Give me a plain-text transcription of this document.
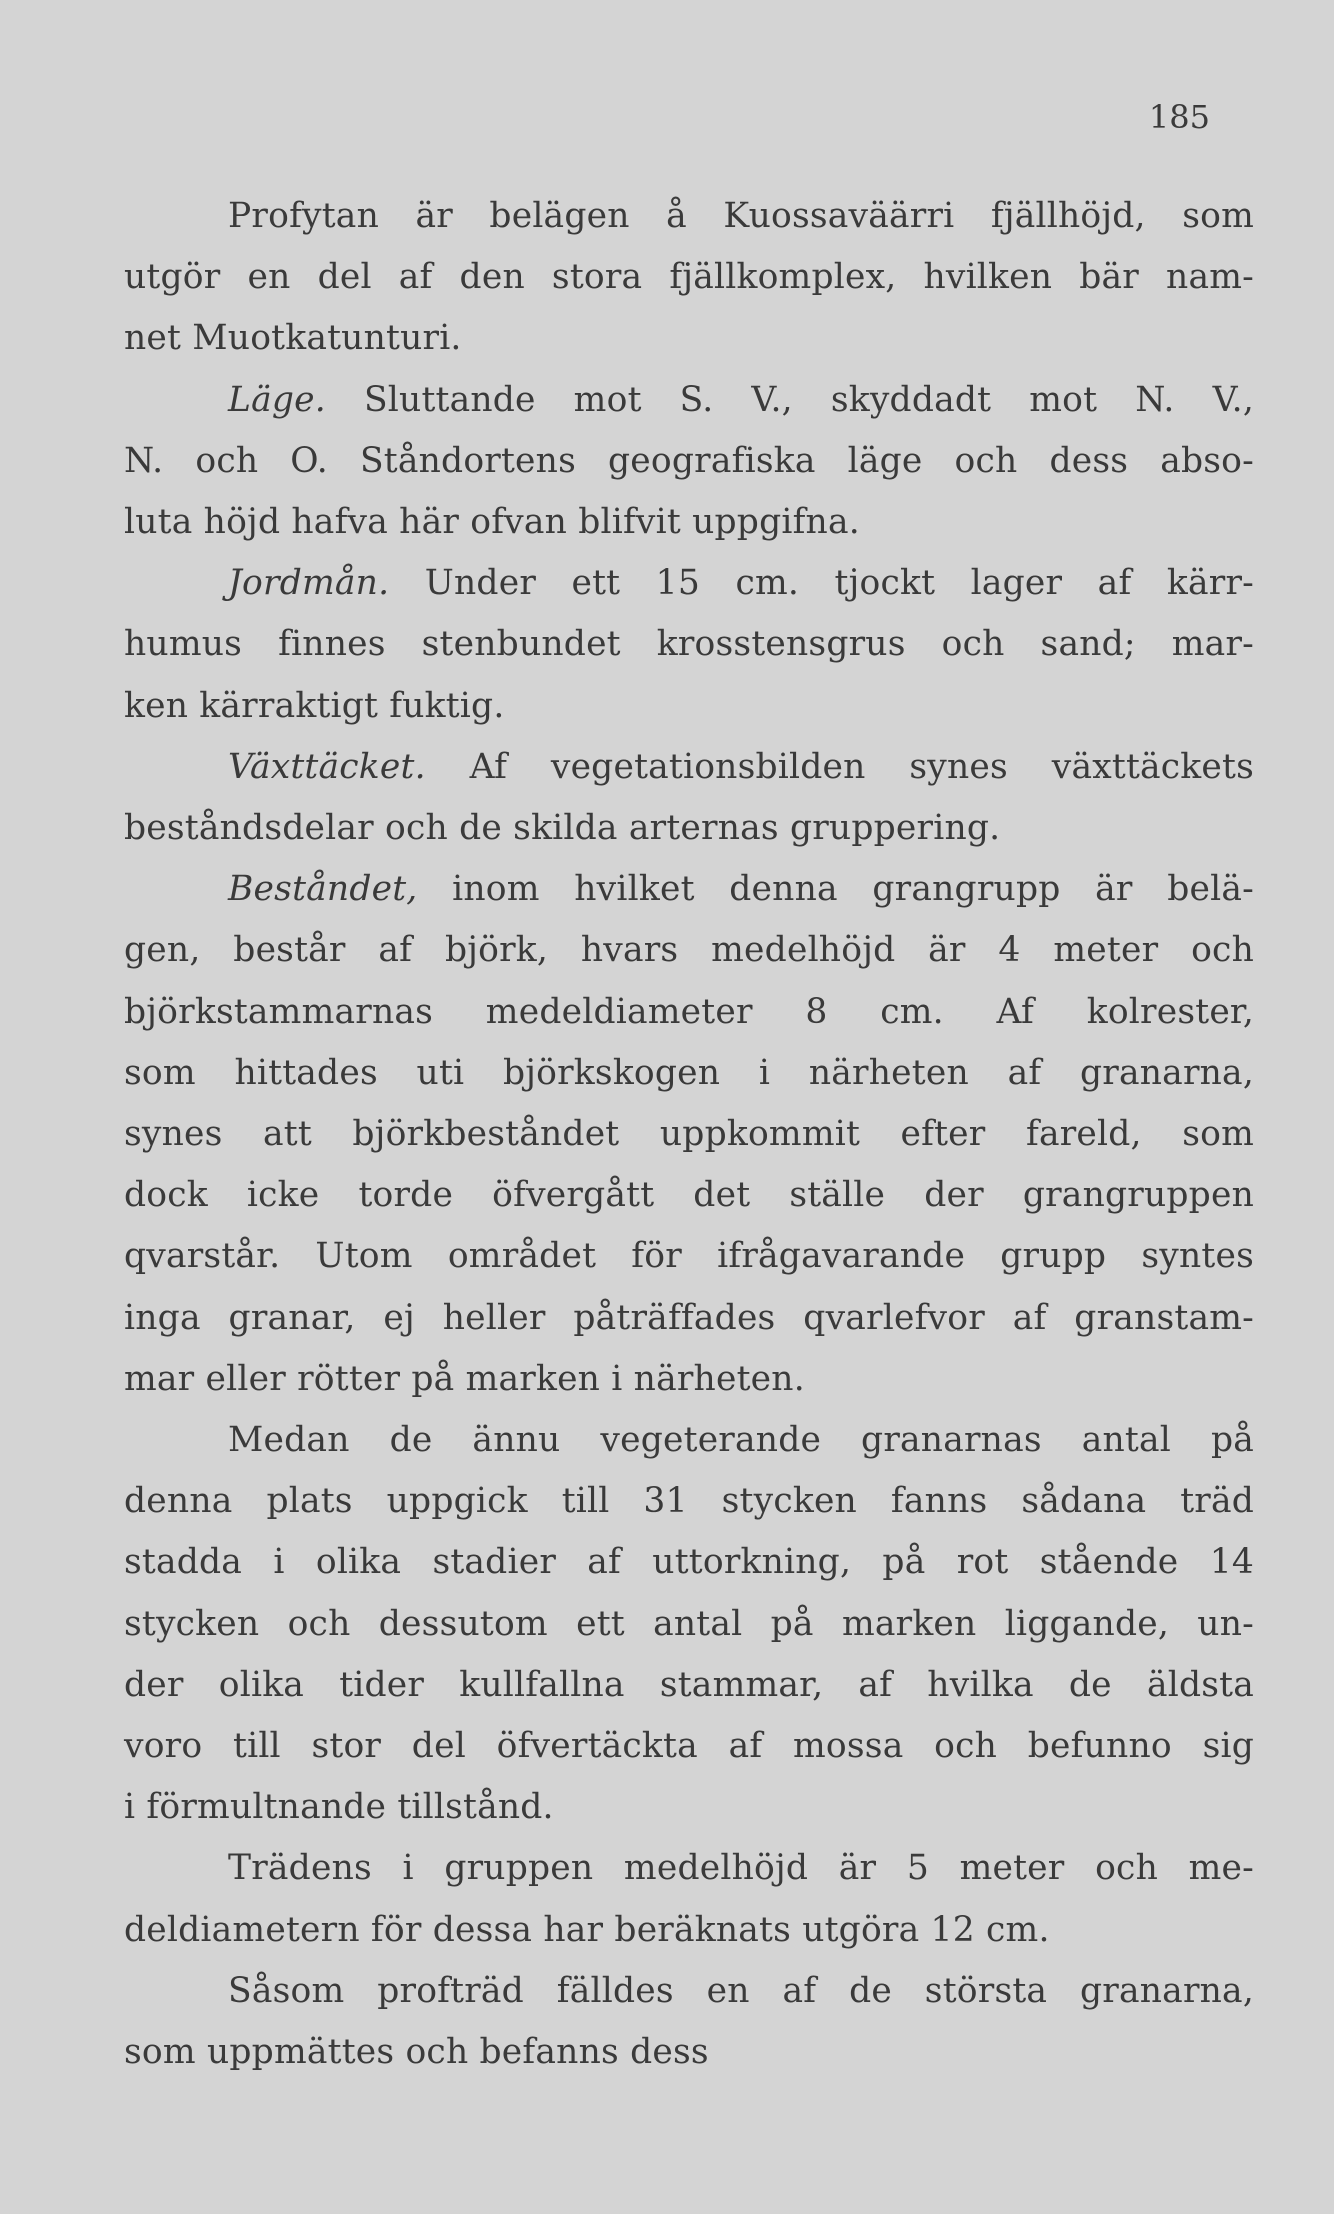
185
Profytan är belägen å Kuossaväärri fjällhöjd, som
utgör en del af den stora fjällkomplex, hvilken bär nam-
net Muotkatunturi.
Läge. Sluttande mot S. V., skyddadt mot N. V.,
N. och O. Ståndortens geografiska läge och dess abso-
luta höjd hafva här ofvan blifvit uppgifna.
Jordmån. Under ett 15 cm. tjockt lager af kärr-
humus finnes stenbundet krosstensgrus och sand; mar-
ken kärraktigt fuktig.
Växttäcket. Af vegetationsbilden synes växttäckets
beståndsdelar och de skilda arternas gruppering.
Beståndet, inom hvilket denna grangrupp är belä-
gen, består af björk, hvars medelhöjd är 4 meter och
björkstammarnas medeldiameter 8 cm. Af kolrester,
som hittades uti björkskogen i närheten af granarna,
synes att björkbeståndet uppkommit efter fareld, som
dock icke torde öfvergått det ställe der grangruppen
qvarstår. Utom området för ifrågavarande grupp syntes
inga granar, ej heller påträffades qvarlefvor af granstam-
mar eller rötter på marken i närheten.
Medan de ännu vegeterande granarnas antal på
denna plats uppgick till 31 stycken fanns sådana träd
stadda i olika stadier af uttorkning, på rot stående 14
stycken och dessutom ett antal på marken liggande, un-
der olika tider kullfallna stammar, af hvilka de äldsta
voro till stor del öfvertäckta af mossa och befunno sig
i förmultnande tillstånd.
Trädens i gruppen medelhöjd är 5 meter och me-
deldiametern för dessa har beräknats utgöra 12 cm.
Såsom profträd fälldes en af de största granarna,
som uppmättes och befanns dess
